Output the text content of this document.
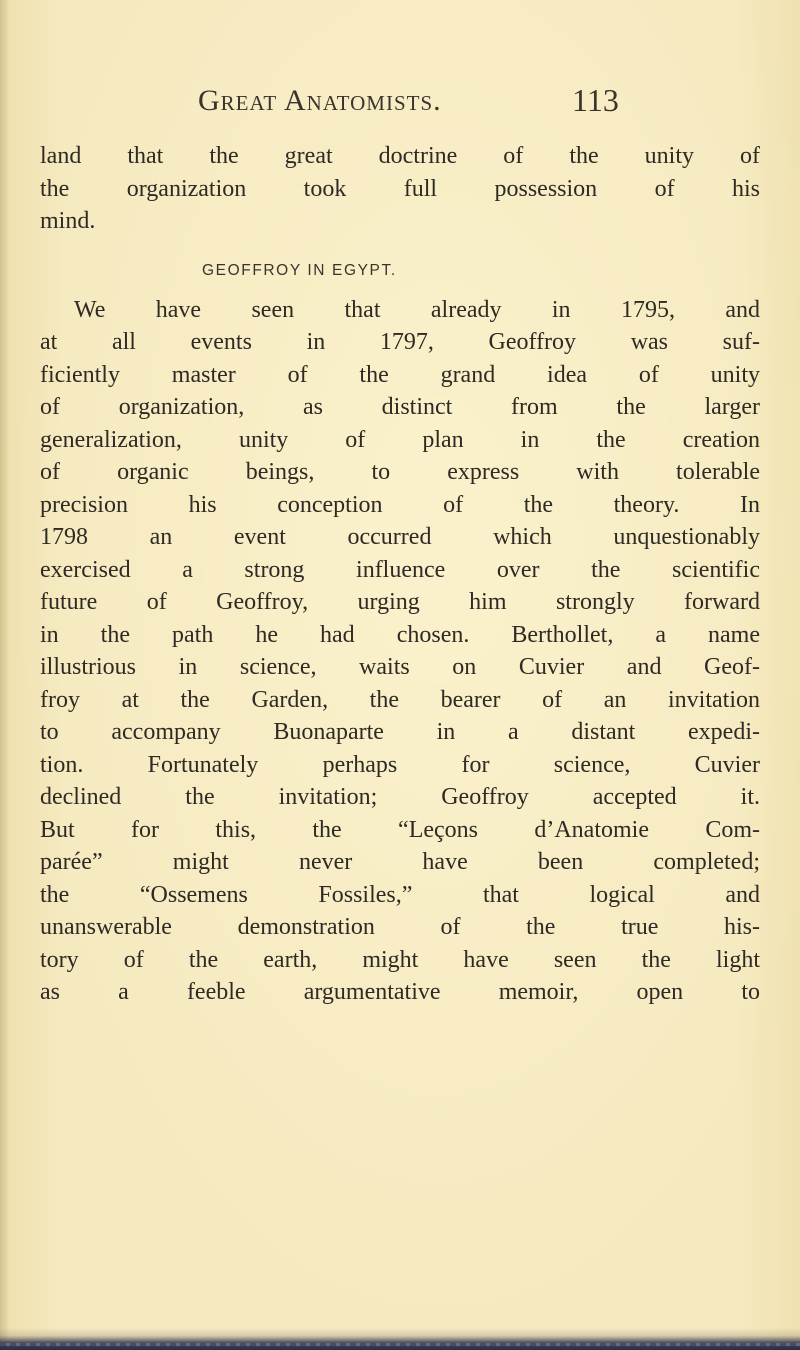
Great Anatomists.	113
land that the great doctrine of the unity of
the organization took full possession of his
mind.
GEOFFROY IN EGYPT.
We have seen that already in 1795, and
at all events in 1797, Geoffroy was suf-
ficiently master of the grand idea of unity
of organization, as distinct from the larger
generalization, unity of plan in the creation
of organic beings, to express with tolerable
precision his conception of the theory. In
1798 an event occurred which unquestionably
exercised a strong influence over the scientific
future of Geoffroy, urging him strongly forward
in the path he had chosen. Berthollet, a name
illustrious in science, waits on Cuvier and Geof-
froy at the Garden, the bearer of an invitation
to accompany Buonaparte in a distant expedi-
tion. Fortunately perhaps for science, Cuvier
declined the invitation; Geoffroy accepted it.
But for this, the “Leçons d’Anatomie Com-
parée” might never have been completed;
the “Ossemens Fossiles,” that logical and
unanswerable demonstration of the true his-
tory of the earth, might have seen the light
as a feeble argumentative memoir, open to
